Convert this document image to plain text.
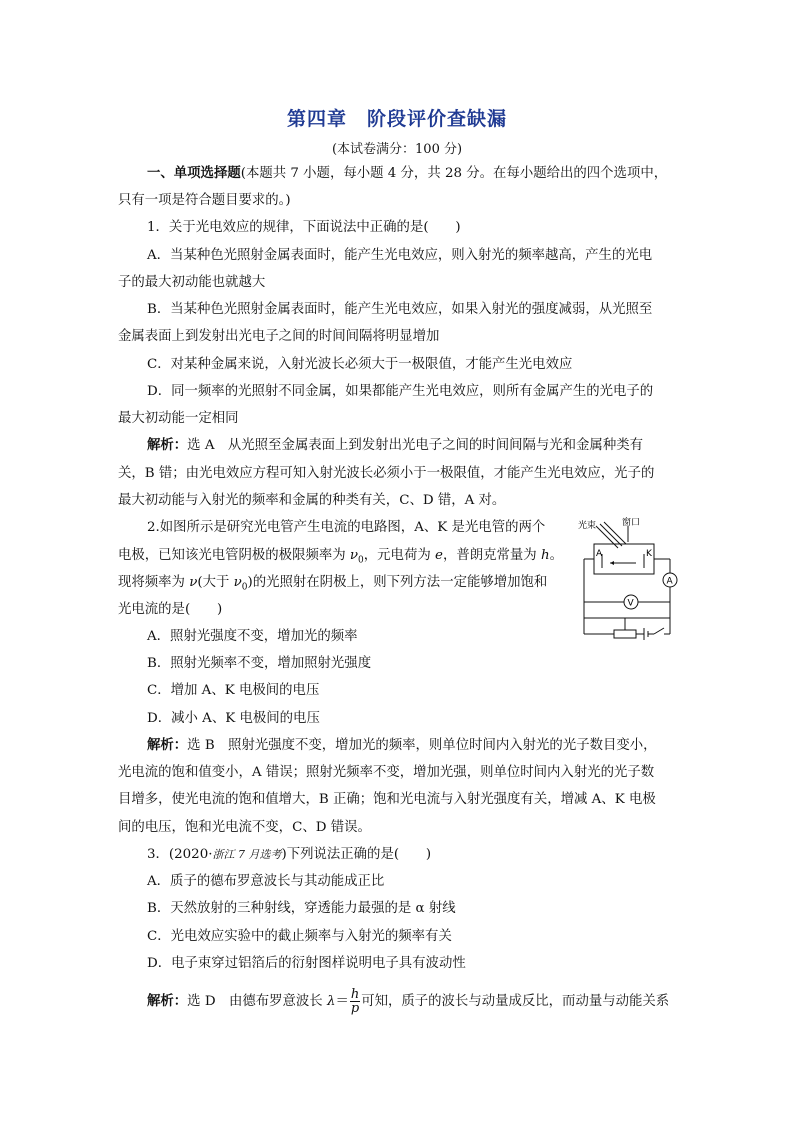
第四章　阶段评价查缺漏
(本试卷满分：100 分)
一、单项选择题(本题共 7 小题，每小题 4 分，共 28 分。在每小题给出的四个选项中，
只有一项是符合题目要求的。)
1．关于光电效应的规律，下面说法中正确的是(　　)
A．当某种色光照射金属表面时，能产生光电效应，则入射光的频率越高，产生的光电
子的最大初动能也就越大
B．当某种色光照射金属表面时，能产生光电效应，如果入射光的强度减弱，从光照至
金属表面上到发射出光电子之间的时间间隔将明显增加
C．对某种金属来说，入射光波长必须大于一极限值，才能产生光电效应
D．同一频率的光照射不同金属，如果都能产生光电效应，则所有金属产生的光电子的
最大初动能一定相同
解析：选 A　从光照至金属表面上到发射出光电子之间的时间间隔与光和金属种类有
关，B 错；由光电效应方程可知入射光波长必须小于一极限值，才能产生光电效应，光子的
最大初动能与入射光的频率和金属的种类有关，C、D 错，A 对。
2.如图所示是研究光电管产生电流的电路图，A、K 是光电管的两个
电极，已知该光电管阴极的极限频率为 $\nu_0$，元电荷为 e，普朗克常量为 h。
现将频率为 ν(大于 $\nu_0$)的光照射在阴极上，则下列方法一定能够增加饱和
光电流的是(　　)
光束	窗口
A	K
A
V
A．照射光强度不变，增加光的频率
B．照射光频率不变，增加照射光强度
C．增加 A、K 电极间的电压
D．减小 A、K 电极间的电压
解析：选 B　照射光强度不变，增加光的频率，则单位时间内入射光的光子数目变小，
光电流的饱和值变小，A 错误；照射光频率不变，增加光强，则单位时间内入射光的光子数
目增多，使光电流的饱和值增大，B 正确；饱和光电流与入射光强度有关，增减 A、K 电极
间的电压，饱和光电流不变，C、D 错误。
3．(2020·浙江 7 月选考)下列说法正确的是(　　)
A．质子的德布罗意波长与其动能成正比
B．天然放射的三种射线，穿透能力最强的是 α 射线
C．光电效应实验中的截止频率与入射光的频率有关
D．电子束穿过铝箔后的衍射图样说明电子具有波动性
解析：选 D　由德布罗意波长 $\lambda= \frac{h}{p}$ 可知，质子的波长与动量成反比，而动量与动能关系
